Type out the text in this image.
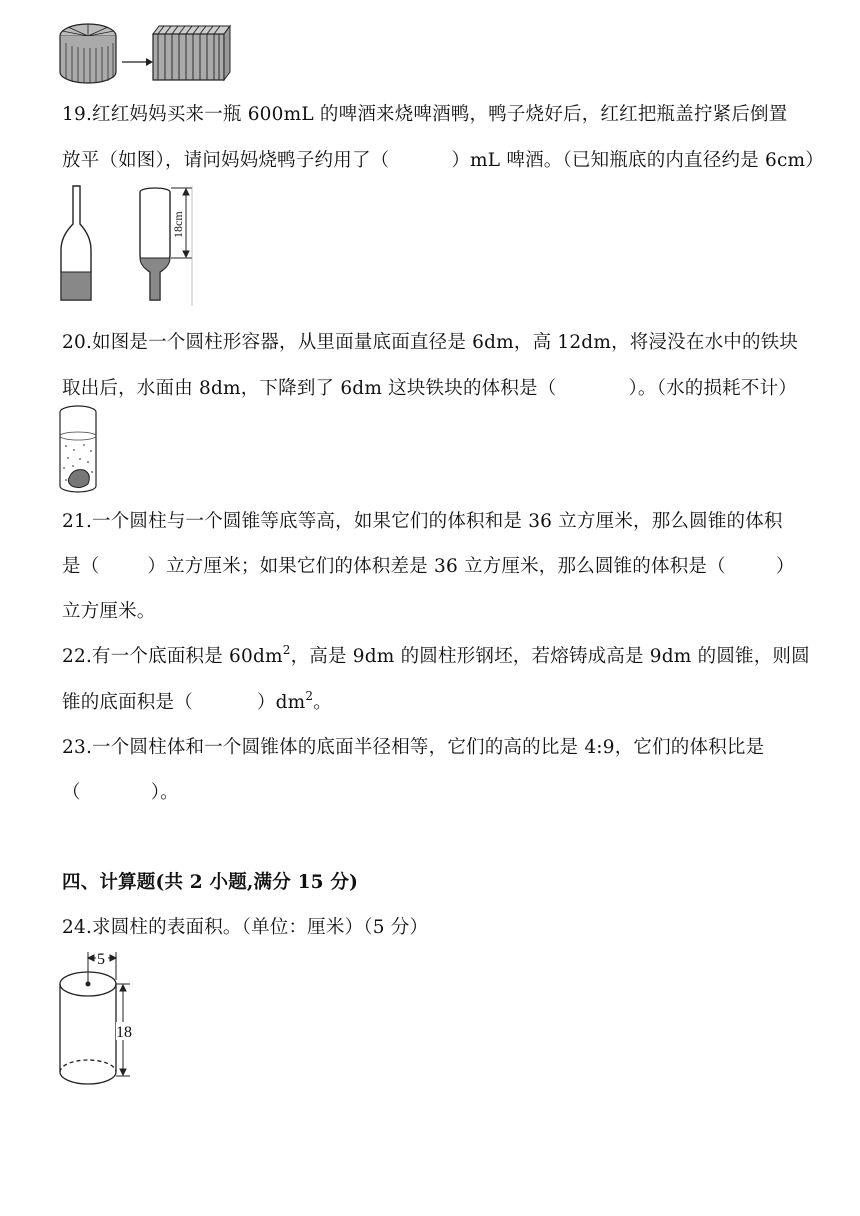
19.红红妈妈买来一瓶 600mL 的啤酒来烧啤酒鸭，鸭子烧好后，红红把瓶盖拧紧后倒置
放平（如图），请问妈妈烧鸭子约用了（	）mL 啤酒。（已知瓶底的内直径约是 6cm）
18cm
20.如图是一个圆柱形容器，从里面量底面直径是 6dm，高 12dm，将浸没在水中的铁块
取出后，水面由 8dm，下降到了 6dm 这块铁块的体积是（	）。（水的损耗不计）
21.一个圆柱与一个圆锥等底等高，如果它们的体积和是 36 立方厘米，那么圆锥的体积
是（	）立方厘米；如果它们的体积差是 36 立方厘米，那么圆锥的体积是（	）
立方厘米。
22.有一个底面积是 $60dm^2$，高是 9dm 的圆柱形钢坯，若熔铸成高是 9dm 的圆锥，则圆
锥的底面积是（	）$dm^2$。
23.一个圆柱体和一个圆锥体的底面半径相等，它们的高的比是 4:9，它们的体积比是
（	）。
四、计算题(共 2 小题,满分 15 分)
24.求圆柱的表面积。（单位：厘米）（5 分）
5
18
